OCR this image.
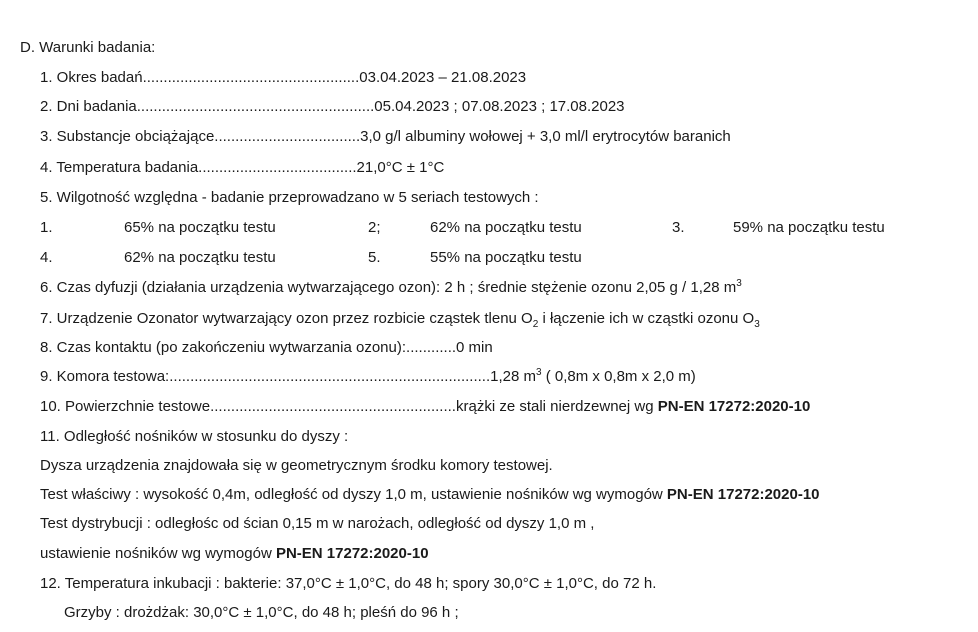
D. Warunki badania:
1. Okres badań....................................................03.04.2023 – 21.08.2023
2. Dni badania.........................................................05.04.2023 ; 07.08.2023 ; 17.08.2023
3. Substancje obciążające...................................3,0 g/l albuminy wołowej + 3,0 ml/l erytrocytów baranich
4. Temperatura badania......................................21,0°C ± 1°C
5. Wilgotność względna - badanie przeprowadzano w 5 seriach testowych :
1.	65% na początku testu	2;	62% na początku testu	3.	59% na początku testu
4.	62% na początku testu	5.	55% na początku testu
6. Czas dyfuzji (działania urządzenia wytwarzającego ozon): 2 h ; średnie stężenie ozonu 2,05 g / 1,28 $m^3$
7. Urządzenie Ozonator wytwarzający ozon przez rozbicie cząstek tlenu $O_2$ i łączenie ich w cząstki ozonu $O_3$
8. Czas kontaktu (po zakończeniu wytwarzania ozonu):............0 min
9. Komora testowa:.............................................................................1,28 $m^3$ ( 0,8m x 0,8m x 2,0 m)
10. Powierzchnie testowe...........................................................krążki ze stali nierdzewnej wg PN-EN 17272:2020-10
11. Odległość nośników w stosunku do dyszy :
Dysza urządzenia znajdowała się w geometrycznym środku komory testowej.
Test właściwy : wysokość 0,4m, odległość od dyszy 1,0 m, ustawienie nośników wg wymogów PN-EN 17272:2020-10
Test dystrybucji : odległośc od ścian 0,15 m w narożach, odległość od dyszy 1,0 m ,
ustawienie nośników wg wymogów PN-EN 17272:2020-10
12. Temperatura inkubacji : bakterie: 37,0°C ± 1,0°C, do 48 h; spory 30,0°C ± 1,0°C, do 72 h.
Grzyby : drożdżak: 30,0°C ± 1,0°C, do 48 h; pleśń do 96 h ;
